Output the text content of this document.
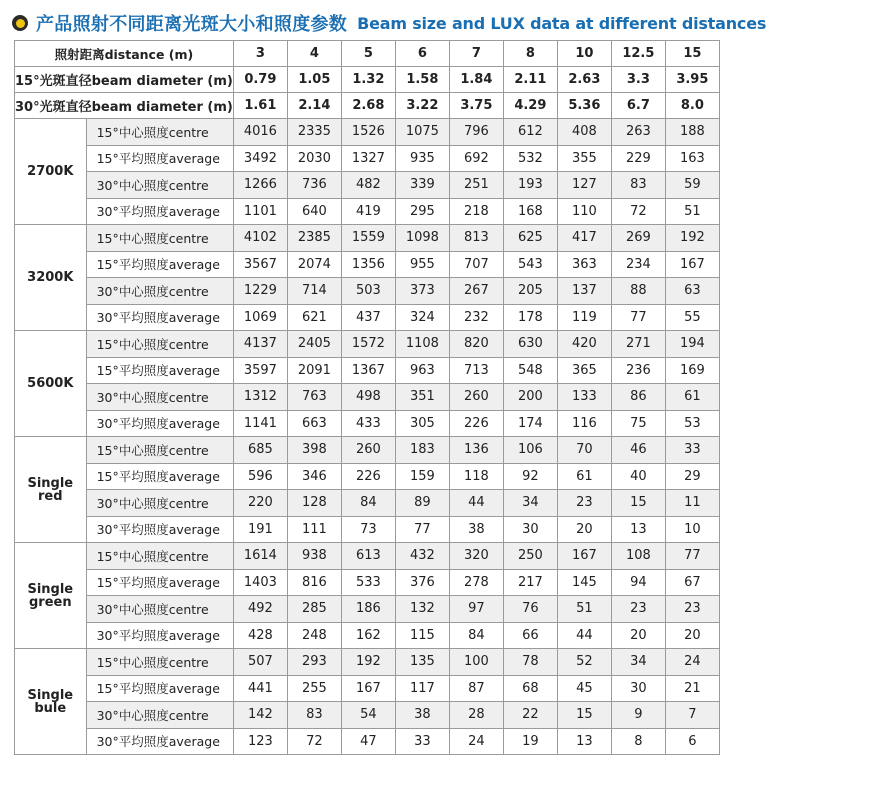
产品照射不同距离光斑大小和照度参数 Beam size and LUX data at different distances
照射距离distance (m)		3	4	5	6	7	8	10	12.5	15
15°光斑直径beam diameter (m)		0.79	1.05	1.32	1.58	1.84	2.11	2.63	3.3	3.95
30°光斑直径beam diameter (m)		1.61	2.14	2.68	3.22	3.75	4.29	5.36	6.7	8.0
2700K	15°中心照度centre	4016	2335	1526	1075	796	612	408	263	188
	15°平均照度average	3492	2030	1327	935	692	532	355	229	163
	30°中心照度centre	1266	736	482	339	251	193	127	83	59
	30°平均照度average	1101	640	419	295	218	168	110	72	51
3200K	15°中心照度centre	4102	2385	1559	1098	813	625	417	269	192
	15°平均照度average	3567	2074	1356	955	707	543	363	234	167
	30°中心照度centre	1229	714	503	373	267	205	137	88	63
	30°平均照度average	1069	621	437	324	232	178	119	77	55
5600K	15°中心照度centre	4137	2405	1572	1108	820	630	420	271	194
	15°平均照度average	3597	2091	1367	963	713	548	365	236	169
	30°中心照度centre	1312	763	498	351	260	200	133	86	61
	30°平均照度average	1141	663	433	305	226	174	116	75	53
Single red	15°中心照度centre	685	398	260	183	136	106	70	46	33
	15°平均照度average	596	346	226	159	118	92	61	40	29
	30°中心照度centre	220	128	84	89	44	34	23	15	11
	30°平均照度average	191	111	73	77	38	30	20	13	10
Single green	15°中心照度centre	1614	938	613	432	320	250	167	108	77
	15°平均照度average	1403	816	533	376	278	217	145	94	67
	30°中心照度centre	492	285	186	132	97	76	51	23	23
	30°平均照度average	428	248	162	115	84	66	44	20	20
Single bule	15°中心照度centre	507	293	192	135	100	78	52	34	24
	15°平均照度average	441	255	167	117	87	68	45	30	21
	30°中心照度centre	142	83	54	38	28	22	15	9	7
	30°平均照度average	123	72	47	33	24	19	13	8	6
